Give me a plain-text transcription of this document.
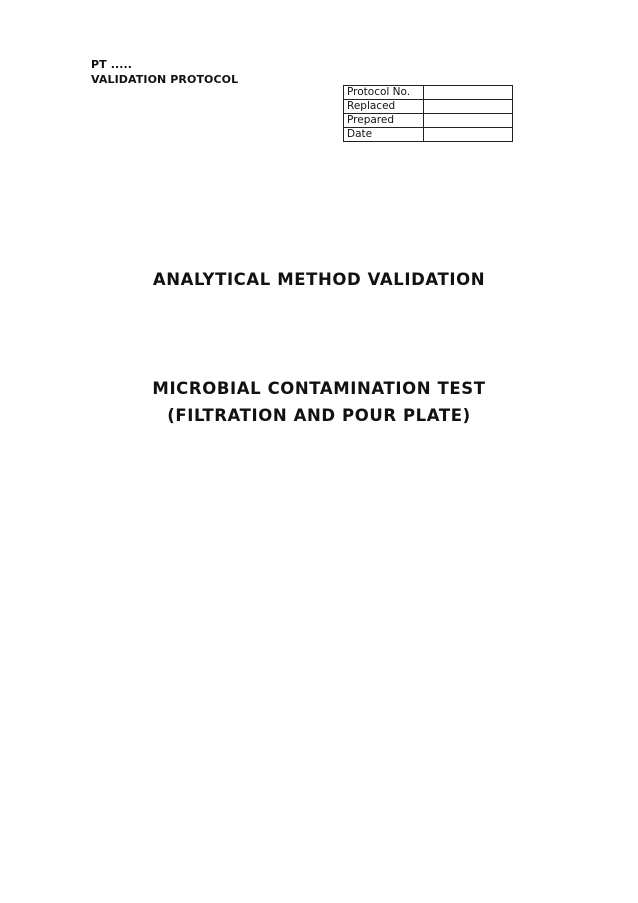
PT .....
VALIDATION PROTOCOL
Protocol No.	
Replaced	
Prepared	
Date	
ANALYTICAL METHOD VALIDATION
MICROBIAL CONTAMINATION TEST
(FILTRATION AND POUR PLATE)
